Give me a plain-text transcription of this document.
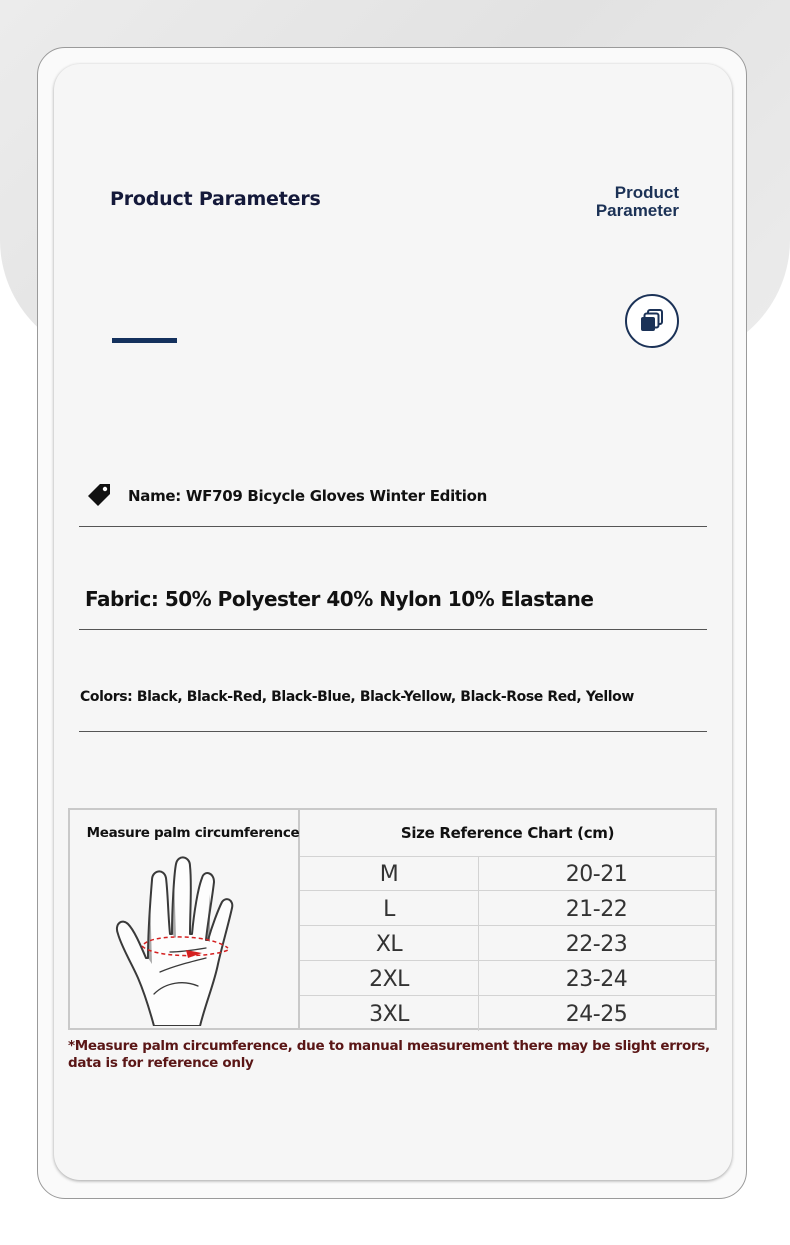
Product Parameters	Product
Parameter
Name: WF709 Bicycle Gloves Winter Edition
Fabric: 50% Polyester 40% Nylon 10% Elastane
Colors: Black, Black-Red, Black-Blue, Black-Yellow, Black-Rose Red, Yellow
Measure palm circumference	Size Reference Chart (cm)
M	20-21
L	21-22
XL	22-23
2XL	23-24
3XL	24-25
*Measure palm circumference, due to manual measurement there may be slight errors, data is for reference only
